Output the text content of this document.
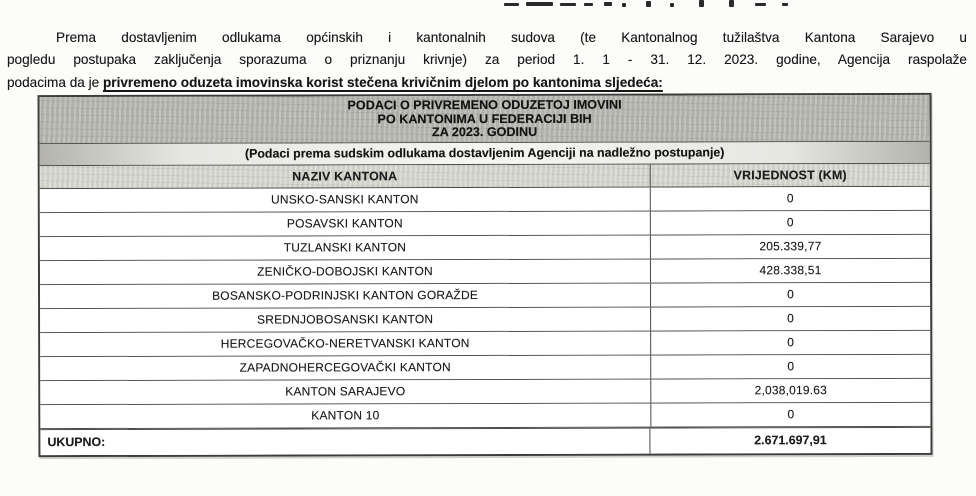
Prema dostavljenim odlukama općinskih i kantonalnih sudova (te Kantonalnog tužilaštva Kantona Sarajevo u
pogledu postupaka zaključenja sporazuma o priznanju krivnje) za period 1. 1 - 31. 12. 2023. godine, Agencija raspolaže
podacima da je privremeno oduzeta imovinska korist stečena krivičnim djelom po kantonima sljedeća:
PODACI O PRIVREMENO ODUZETOJ IMOVINI
PO KANTONIMA U FEDERACIJI BIH
ZA 2023. GODINU
(Podaci prema sudskim odlukama dostavljenim Agenciji na nadležno postupanje)
NAZIV KANTONA	VRIJEDNOST (KM)
UNSKO-SANSKI KANTON	0
POSAVSKI KANTON	0
TUZLANSKI KANTON	205.339,77
ZENIČKO-DOBOJSKI KANTON	428.338,51
BOSANSKO-PODRINJSKI KANTON GORAŽDE	0
SREDNJOBOSANSKI KANTON	0
HERCEGOVAČKO-NERETVANSKI KANTON	0
ZAPADNOHERCEGOVAČKI KANTON	0
KANTON SARAJEVO	2,038,019.63
KANTON 10	0
UKUPNO:	2.671.697,91
